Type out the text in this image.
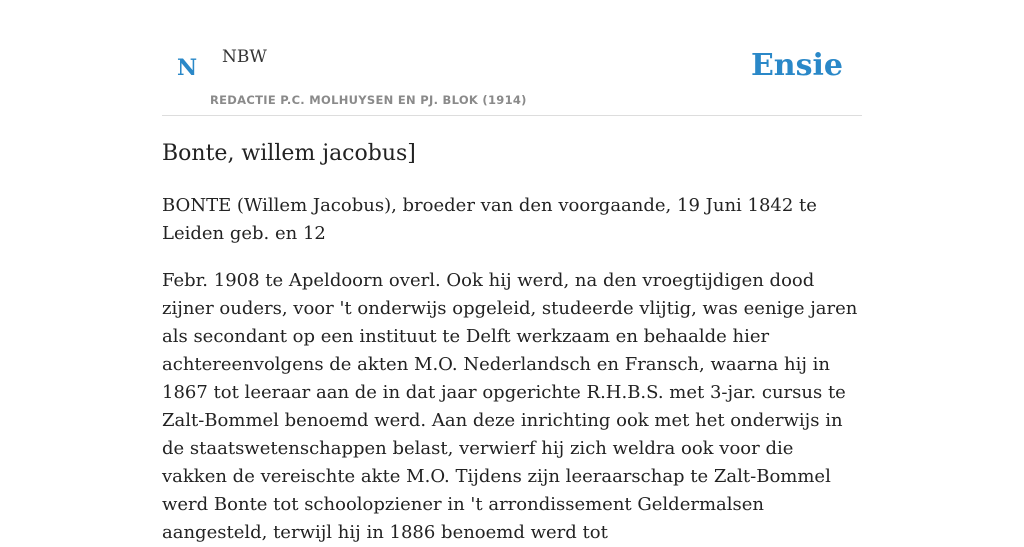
N NBW
REDACTIE P.C. MOLHUYSEN EN PJ. BLOK (1914)
Ensie
Bonte, willem jacobus]

BONTE (Willem Jacobus), broeder van den voorgaande, 19 Juni 1842 te Leiden geb. en 12

Febr. 1908 te Apeldoorn overl. Ook hij werd, na den vroegtijdigen dood zijner ouders, voor 't onderwijs opgeleid, studeerde vlijtig, was eenige jaren als secondant op een instituut te Delft werkzaam en behaalde hier achtereenvolgens de akten M.O. Nederlandsch en Fransch, waarna hij in 1867 tot leeraar aan de in dat jaar opgerichte R.H.B.S. met 3-jar. cursus te Zalt-Bommel benoemd werd. Aan deze inrichting ook met het onderwijs in de staatswetenschappen belast, verwierf hij zich weldra ook voor die vakken de vereischte akte M.O. Tijdens zijn leeraarschap te Zalt-Bommel werd Bonte tot schoolopziener in 't arrondissement Geldermalsen aangesteld, terwijl hij in 1886 benoemd werd tot
